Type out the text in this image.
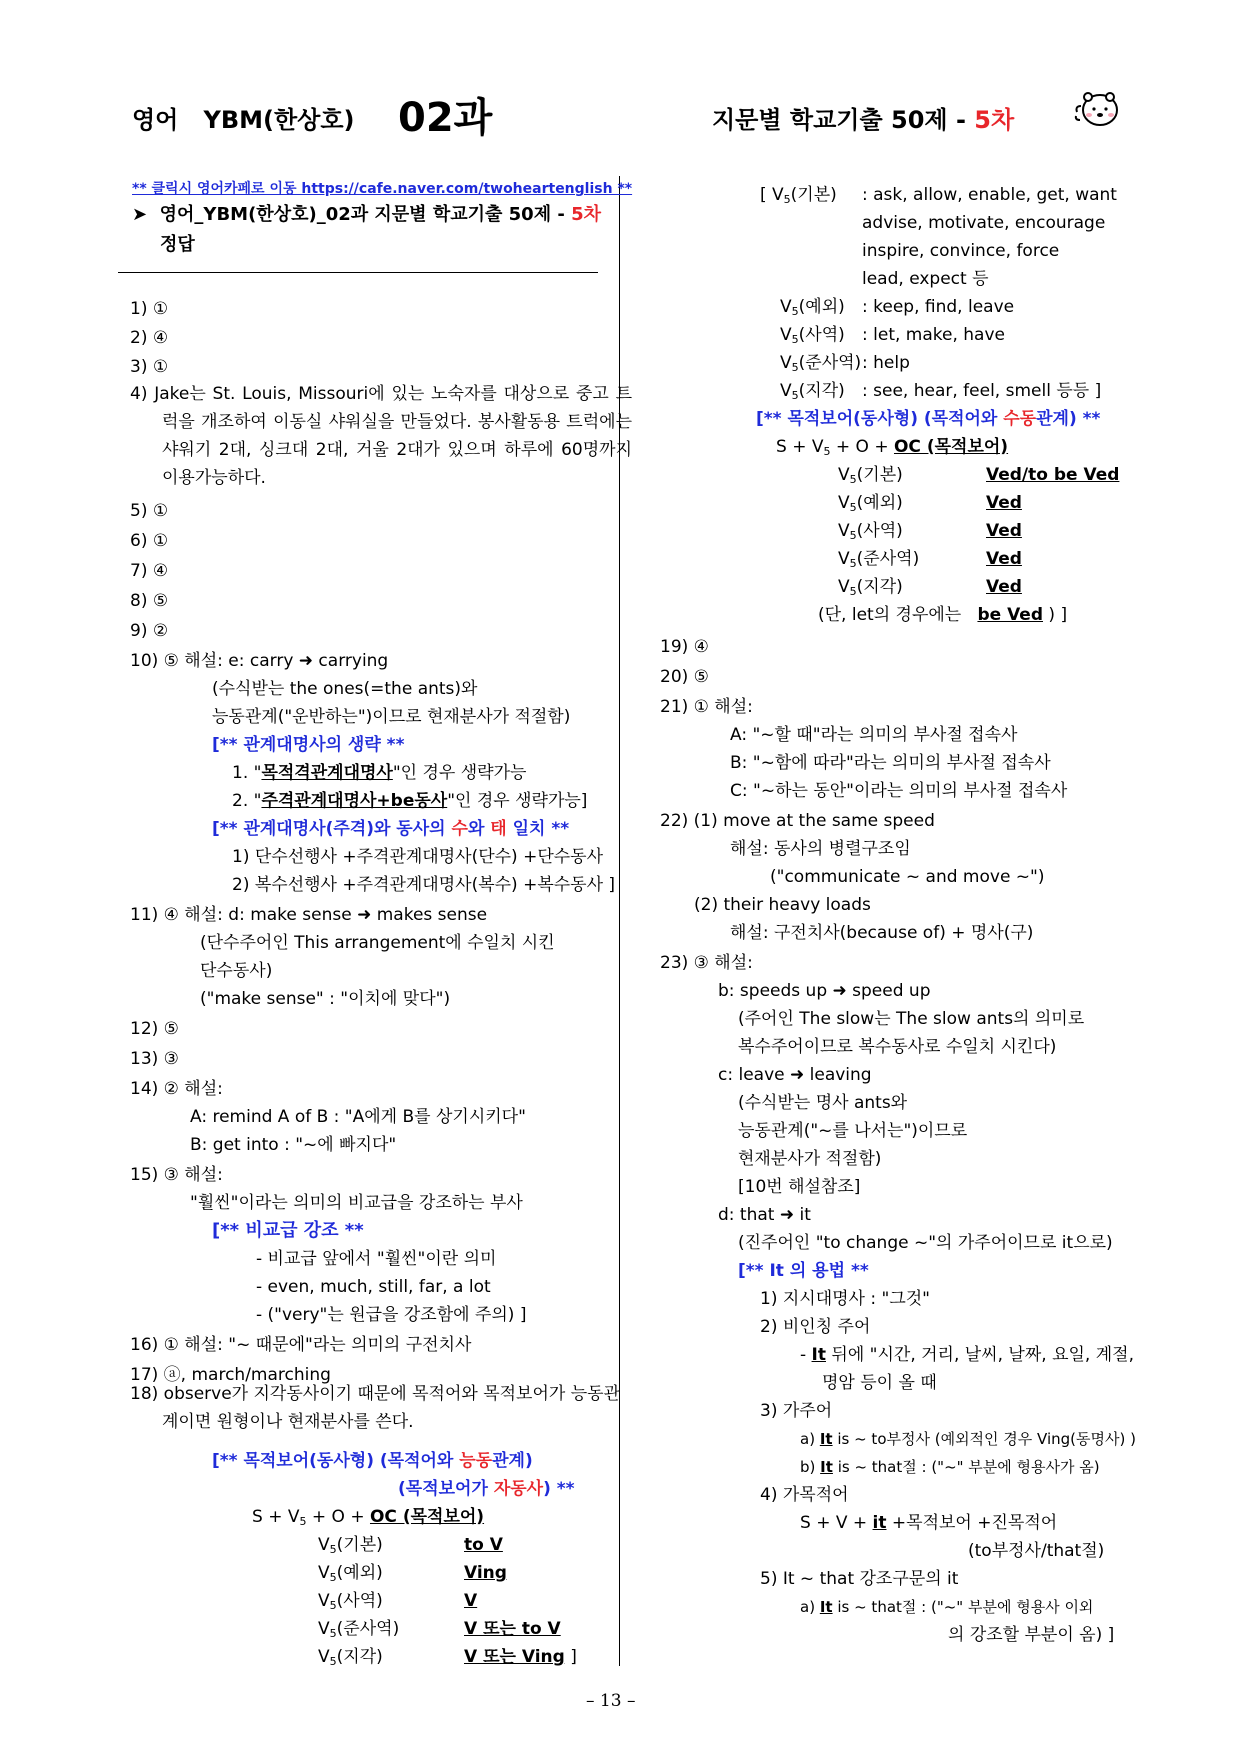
영어 YBM(한상호) 02과	지문별 학교기출 50제 - 5차
** 클릭시 영어카페로 이동 https://cafe.naver.com/twoheartenglish **
➤ 영어_YBM(한상호)_02과 지문별 학교기출 50제 - 5차
정답
4) Jake는 St. Louis, Missouri에 있는 노숙자를 대상으로 중고 트럭을 개조하여 이동실 샤워실을 만들었다. 봉사활동용 트럭에는 샤워기 2대, 싱크대 2대, 거울 2대가 있으며 하루에 60명까지 이용가능하다.
[** 관계대명사의 생략 **
1. "목적격관계대명사"인 경우 생략가능
2. "주격관계대명사+be동사"인 경우 생략가능]
[** 관계대명사(주격)와 동사의 수와 태 일치 **
[** 비교급 강조 **
18) observe가 지각동사이기 때문에 목적어와 목적보어가 능동관계이면 원형이나 현재분사를 쓴다.
[** 목적보어(동사형) (목적어와 능동관계)
(목적보어가 자동사) **
$S + V_5 + O$ + OC (목적보어)
$V_5$(기본)	to V
$V_5$(예외)	Ving
$V_5$(사역)	V
$V_5$(준사역)	V 또는 to V
$V_5$(지각)	V 또는 Ving ]
[ $V_5$(기본) : ask, allow, enable, get, want
advise, motivate, encourage
inspire, convince, force
lead, expect 등
$V_5$(예외) : keep, find, leave
$V_5$(사역) : let, make, have
$V_5$(준사역) : help
$V_5$(지각) : see, hear, feel, smell 등등 ]
[** 목적보어(동사형) (목적어와 수동관계) **
$S + V_5 + O$ + OC (목적보어)
$V_5$(기본)	Ved/to be Ved
$V_5$(예외)	Ved
$V_5$(사역)	Ved
$V_5$(준사역)	Ved
$V_5$(지각)	Ved
(단, let의 경우에는 be Ved ) ]
[** It 의 용법 **
- It 뒤에 "시간, 거리, 날씨, 날짜, 요일, 계절,
a) It is ~ to부정사 (예외적인 경우 Ving(동명사) )
b) It is ~ that절 : ("~" 부분에 형용사가 옴)
S + V + it +목적보어 +진목적어
a) It is ~ that절 : ("~" 부분에 형용사 이외
– 13 –
1) ①
2) ④
3) ①
5) ①
6) ①
7) ④
8) ⑤
9) ②
10) ⑤ 해설: e: carry ➜ carrying
(수식받는 the ones(=the ants)와
능동관계("운반하는")이므로 현재분사가 적절함)
1) 단수선행사 +주격관계대명사(단수) +단수동사
2) 복수선행사 +주격관계대명사(복수) +복수동사 ]
11) ④ 해설: d: make sense ➜ makes sense
(단수주어인 This arrangement에 수일치 시킨
단수동사)
("make sense" : "이치에 맞다")
12) ⑤
13) ③
14) ② 해설:
A: remind A of B : "A에게 B를 상기시키다"
B: get into : "~에 빠지다"
15) ③ 해설:
"훨씬"이라는 의미의 비교급을 강조하는 부사
- 비교급 앞에서 "훨씬"이란 의미
- even, much, still, far, a lot
- ("very"는 원급을 강조함에 주의) ]
16) ① 해설: "~ 때문에"라는 의미의 구전치사
17) ⓐ, march/marching
19) ④
20) ⑤
21) ① 해설:
A: "~할 때"라는 의미의 부사절 접속사
B: "~함에 따라"라는 의미의 부사절 접속사
C: "~하는 동안"이라는 의미의 부사절 접속사
22) (1) move at the same speed
해설: 동사의 병렬구조임
("communicate ~ and move ~")
(2) their heavy loads
해설: 구전치사(because of) + 명사(구)
23) ③ 해설:
b: speeds up ➜ speed up
(주어인 The slow는 The slow ants의 의미로
복수주어이므로 복수동사로 수일치 시킨다)
c: leave ➜ leaving
(수식받는 명사 ants와
능동관계("~를 나서는")이므로
현재분사가 적절함)
[10번 해설참조]
d: that ➜ it
(진주어인 "to change ~"의 가주어이므로 it으로)
1) 지시대명사 : "그것"
2) 비인칭 주어
명암 등이 올 때
3) 가주어
4) 가목적어
(to부정사/that절)
5) It ~ that 강조구문의 it
의 강조할 부분이 옴) ]
